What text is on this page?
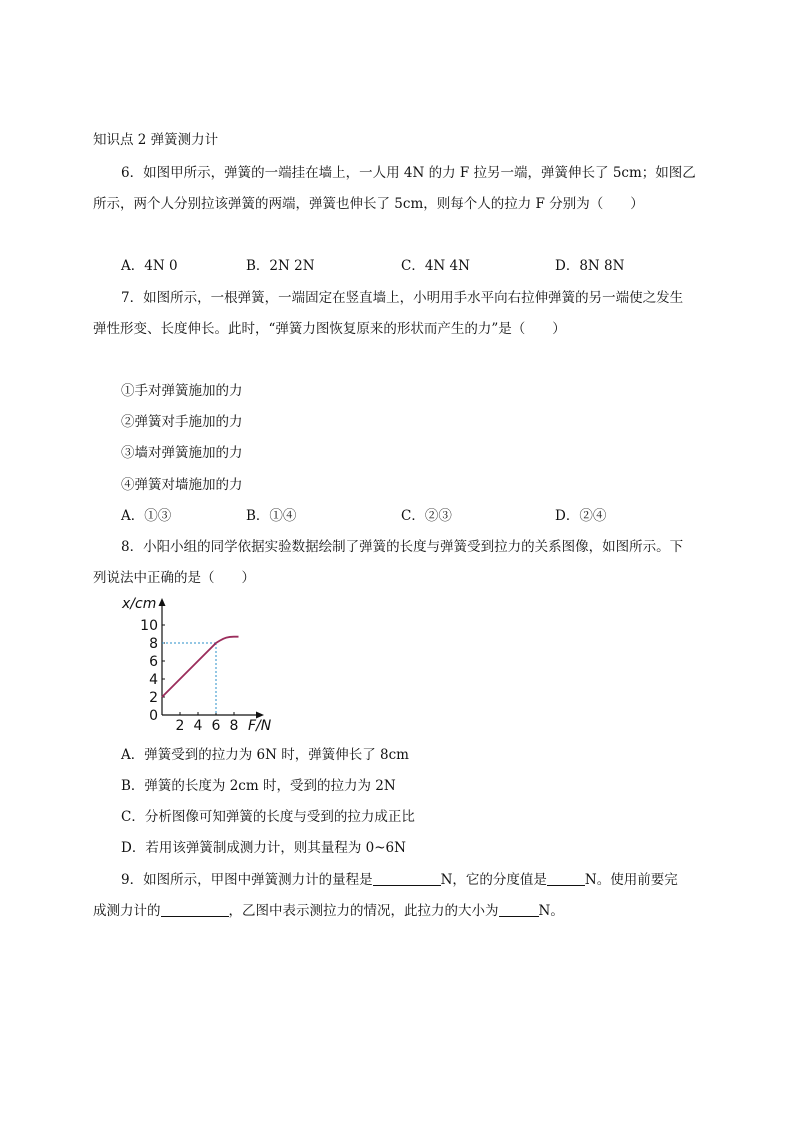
知识点 2 弹簧测力计
6．如图甲所示，弹簧的一端挂在墙上，一人用 4N 的力 F 拉另一端，弹簧伸长了 5cm；如图乙
所示，两个人分别拉该弹簧的两端，弹簧也伸长了 5cm，则每个人的拉力 F 分别为（　　）
A．4N 0	B．2N 2N	C．4N 4N	D．8N 8N
7．如图所示，一根弹簧，一端固定在竖直墙上，小明用手水平向右拉伸弹簧的另一端使之发生
弹性形变、长度伸长。此时，“弹簧力图恢复原来的形状而产生的力”是（　　）
①手对弹簧施加的力
②弹簧对手施加的力
③墙对弹簧施加的力
④弹簧对墙施加的力
A．①③	B．①④	C．②③	D．②④
8．小阳小组的同学依据实验数据绘制了弹簧的长度与弹簧受到拉力的关系图像，如图所示。下
列说法中正确的是（　　）
2 4 6 8
0
2
4
6
8
10
F/N
x/cm
A．弹簧受到的拉力为 6N 时，弹簧伸长了 8cm
B．弹簧的长度为 2cm 时，受到的拉力为 2N
C．分析图像可知弹簧的长度与受到的拉力成正比
D．若用该弹簧制成测力计，则其量程为 0~6N
9．如图所示，甲图中弹簧测力计的量程是	N，它的分度值是	N。使用前要完
成测力计的	，乙图中表示测拉力的情况，此拉力的大小为	N。
